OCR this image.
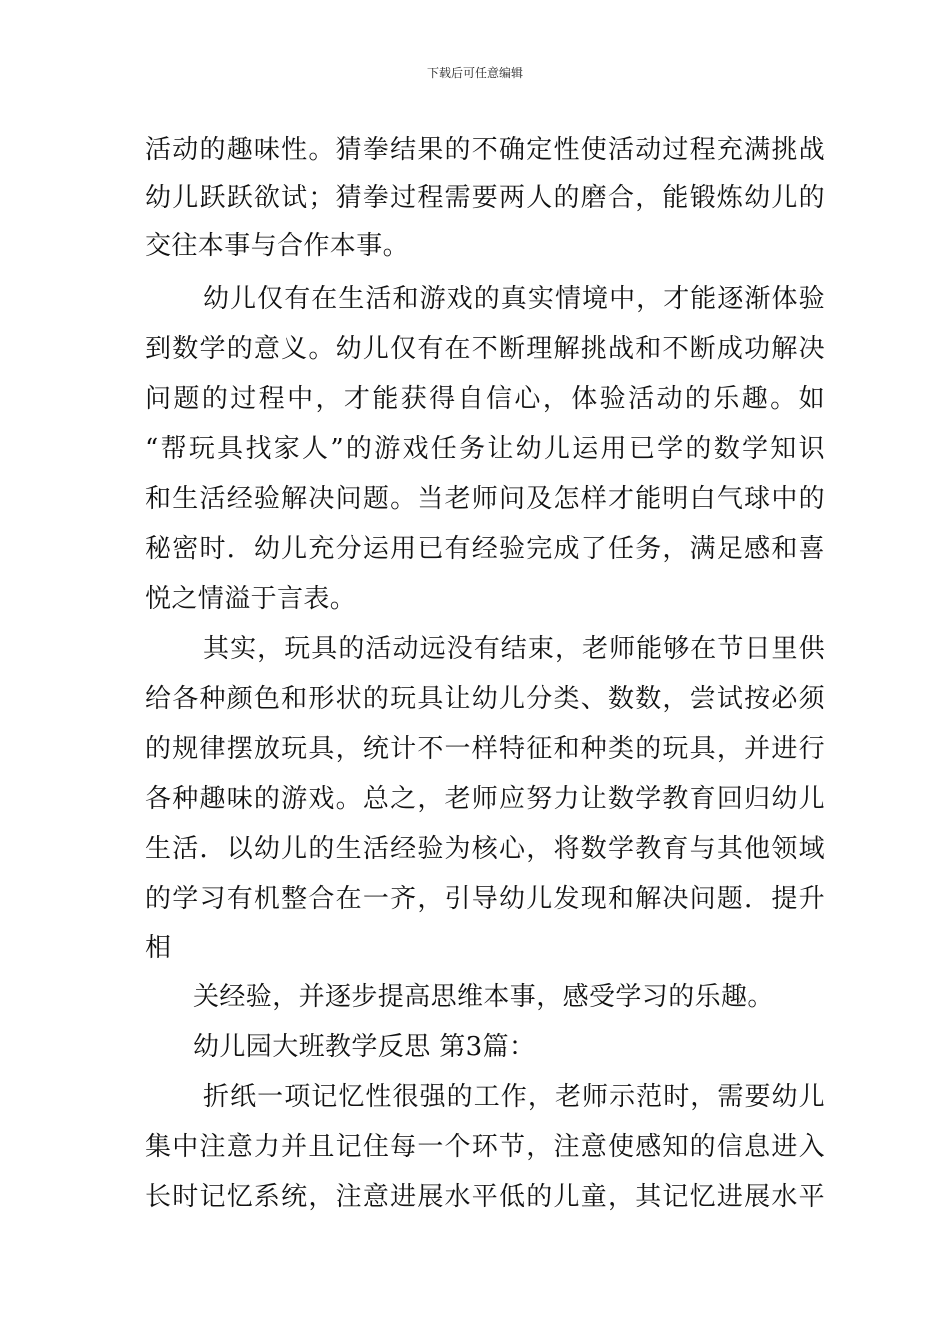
下载后可任意编辑
活动的趣味性。猜拳结果的不确定性使活动过程充满挑战
幼儿跃跃欲试；猜拳过程需要两人的磨合，能锻炼幼儿的
交往本事与合作本事。
幼儿仅有在生活和游戏的真实情境中，才能逐渐体验
到数学的意义。幼儿仅有在不断理解挑战和不断成功解决
问题的过程中，才能获得自信心，体验活动的乐趣。如
“帮玩具找家人”的游戏任务让幼儿运用已学的数学知识
和生活经验解决问题。当老师问及怎样才能明白气球中的
秘密时．幼儿充分运用已有经验完成了任务，满足感和喜
悦之情溢于言表。
其实，玩具的活动远没有结束，老师能够在节日里供
给各种颜色和形状的玩具让幼儿分类、数数，尝试按必须
的规律摆放玩具，统计不一样特征和种类的玩具，并进行
各种趣味的游戏。总之，老师应努力让数学教育回归幼儿
生活．以幼儿的生活经验为核心，将数学教育与其他领域
的学习有机整合在一齐，引导幼儿发现和解决问题．提升
相
关经验，并逐步提高思维本事，感受学习的乐趣。
幼儿园大班教学反思 第3篇：
折纸一项记忆性很强的工作，老师示范时，需要幼儿
集中注意力并且记住每一个环节，注意使感知的信息进入
长时记忆系统，注意进展水平低的儿童，其记忆进展水平
